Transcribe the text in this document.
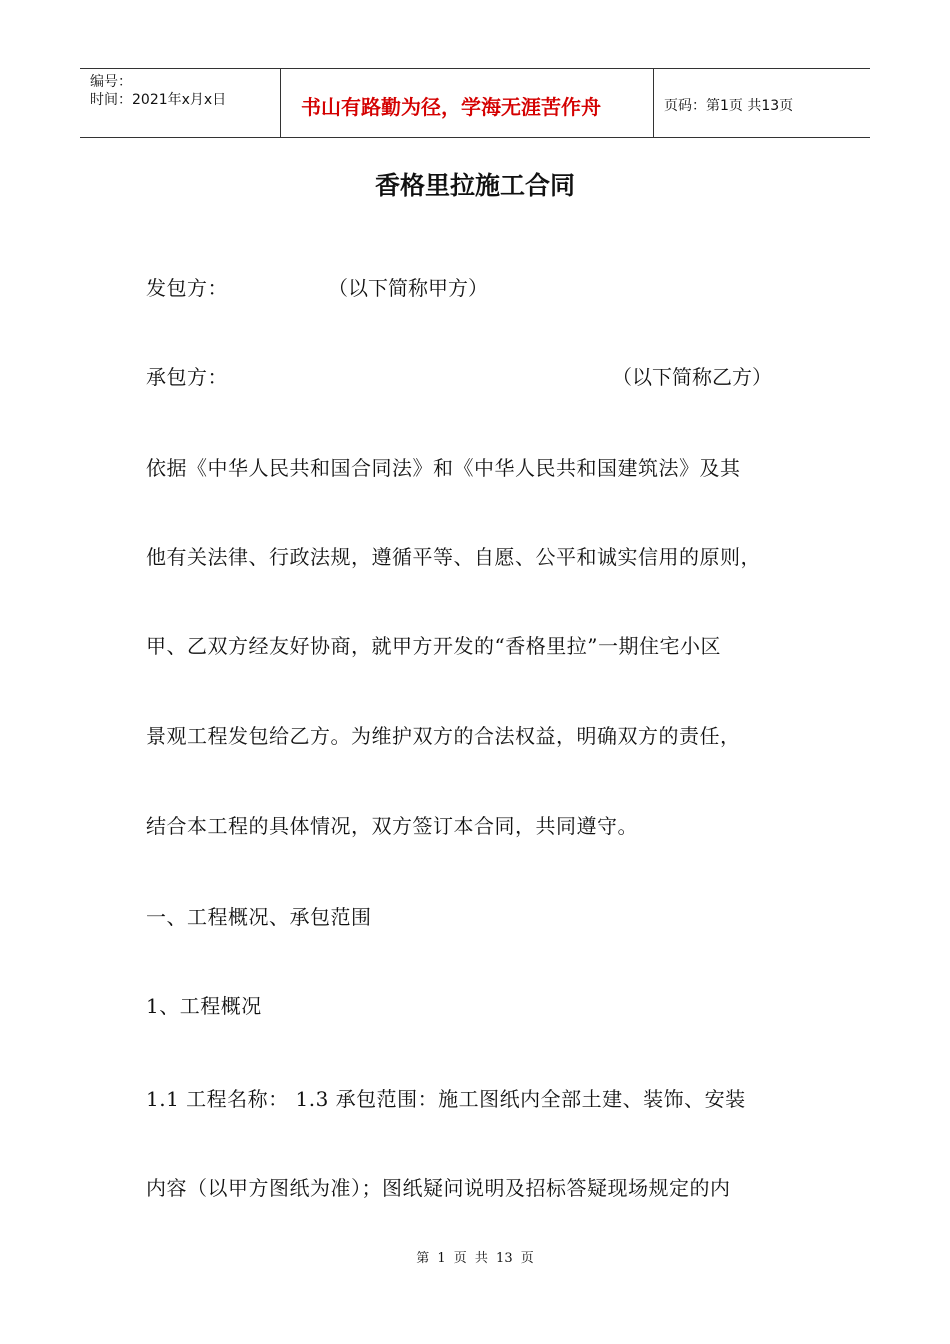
编号：
时间：2021年x月x日	书山有路勤为径，学海无涯苦作舟	页码：第1页 共13页
香格里拉施工合同
发包方：	（以下简称甲方）
承包方：	（以下简称乙方）
依据《中华人民共和国合同法》和《中华人民共和国建筑法》及其
他有关法律、行政法规，遵循平等、自愿、公平和诚实信用的原则，
甲、乙双方经友好协商，就甲方开发的“香格里拉”一期住宅小区
景观工程发包给乙方。为维护双方的合法权益，明确双方的责任，
结合本工程的具体情况，双方签订本合同，共同遵守。
一、工程概况、承包范围
1、工程概况
1.1 工程名称： 1.3 承包范围：施工图纸内全部土建、装饰、安装
内容（以甲方图纸为准）；图纸疑问说明及招标答疑现场规定的内
第 1 页 共 13 页
